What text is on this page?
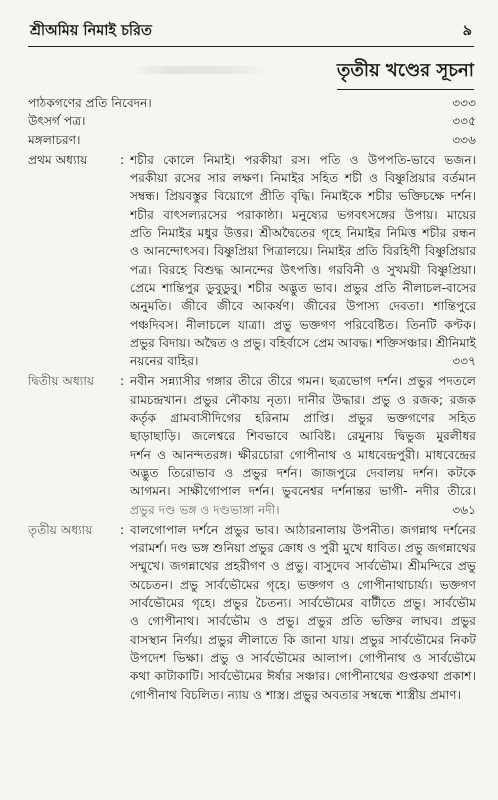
শ্রীঅমিয় নিমাই চরিত	৯
তৃতীয় খণ্ডের সূচনা
পাঠকগণের প্রতি নিবেদন।	৩৩৩
উৎসর্গ পত্র।	৩৩৫
মঙ্গলাচরণ।	৩৩৬
প্রথম অধ্যায়	: শচীর কোলে নিমাই। পরকীয়া রস। পতি ও উপপতি-ভাবে ভজন।
পরকীয়া রসের সার লক্ষণ। নিমাইর সহিত শচী ও বিষ্ণুপ্রিয়ার বর্তমান
সম্বন্ধ। প্রিয়বস্তুর বিয়োগে প্রীতি বৃদ্ধি। নিমাইকে শচীর ভক্তিচক্ষে দর্শন।
শচীর বাৎসল্যরসের পরাকাষ্ঠা। মনুষ্যের ভগবৎসঙ্গের উপায়। মায়ের
প্রতি নিমাইর মধুর উত্তর। শ্রীঅদ্বৈতের গৃহে নিমাইর নিমিত্ত শচীর রন্ধন
ও আনন্দোৎসব। বিষ্ণুপ্রিয়া পিত্রালয়ে। নিমাইর প্রতি বিরহিণী বিষ্ণুপ্রিয়ার
পত্র। বিরহে বিশুদ্ধ আনন্দের উৎপত্তি। গরবিনী ও সুখময়ী বিষ্ণুপ্রিয়া।
প্রেমে শান্তিপুর ডুবুডুবু। শচীর অদ্ভুত ভাব। প্রভুর প্রতি নীলাচল-বাসের
অনুমতি। জীবে জীবে আকর্ষণ। জীবের উপাস্য দেবতা। শান্তিপুরে
পঞ্চদিবস। নীলাচলে যাত্রা। প্রভু ভক্তগণ পরিবেষ্টিত। তিনটি কণ্টক।
প্রভুর বিদায়। অদ্বৈত ও প্রভু। বহির্বাসে প্রেম আবদ্ধ। শক্তিসঞ্চার। শ্রীনিমাই
নয়নের বাহির।	৩৩৭
দ্বিতীয় অধ্যায়	: নবীন সন্ন্যাসীর গঙ্গার তীরে তীরে গমন। ছত্রভোগ দর্শন। প্রভুর পদতলে
রামচন্দ্রখান। প্রভুর নৌকায় নৃত্য। দানীর উদ্ধার। প্রভু ও রজক; রজক
কর্তৃক গ্রামবাসীদিগের হরিনাম প্রাপ্তি। প্রভুর ভক্তগণের সহিত
ছাড়াছাড়ি। জলেশ্বরে শিবভাবে আবিষ্ট। রেমুনায় দ্বিভুজ মুরলীধর
দর্শন ও আনন্দতরঙ্গ। ক্ষীরচোরা গোপীনাথ ও মাধবেন্দ্রপুরী। মাধবেন্দ্রের
অদ্ভুত তিরোভাব ও প্রভুর দর্শন। জাজপুরে দেবালয় দর্শন। কটকে
আগমন। সাক্ষীগোপাল দর্শন। ভুবনেশ্বর দর্শনান্তর ভাগী- নদীর তীরে।
প্রভুর দণ্ড ভঙ্গ ও দণ্ডভাঙ্গা নদী।	৩৬১
তৃতীয় অধ্যায়	: বালগোপাল দর্শনে প্রভুর ভাব। আঠারনালায় উপনীত। জগন্নাথ দর্শনের
পরামর্শ। দণ্ড ভঙ্গ শুনিয়া প্রভুর ক্রোধ ও পুরী মুখে ধাবিত। প্রভু জগন্নাথের
সম্মুখে। জগন্নাথের প্রহরীগণ ও প্রভু। বাসুদেব সার্বভৌম। শ্রীমন্দিরে প্রভু
অচেতন। প্রভু সার্বভৌমের গৃহে। ভক্তগণ ও গোপীনাথাচার্য্য। ভক্তগণ
সার্বভৌমের গৃহে। প্রভুর চৈতন্য। সার্বভৌমের বাটীতে প্রভু। সার্বভৌম
ও গোপীনাথ। সার্বভৌম ও প্রভু। প্রভুর প্রতি ভক্তির লাঘব। প্রভুর
বাসস্থান নির্ণয়। প্রভুর লীলাতে কি জানা যায়। প্রভুর সার্বভৌমের নিকট
উপদেশ ভিক্ষা। প্রভু ও সার্বভৌমের আলাপ। গোপীনাথ ও সার্বভৌমে
কথা কাটাকাটি। সার্বভৌমের ঈর্ষার সঞ্চার। গোপীনাথের গুপ্তকথা প্রকাশ।
গোপীনাথ বিচলিত। ন্যায় ও শাস্ত্র। প্রভুর অবতার সম্বন্ধে শাস্ত্রীয় প্রমাণ।
